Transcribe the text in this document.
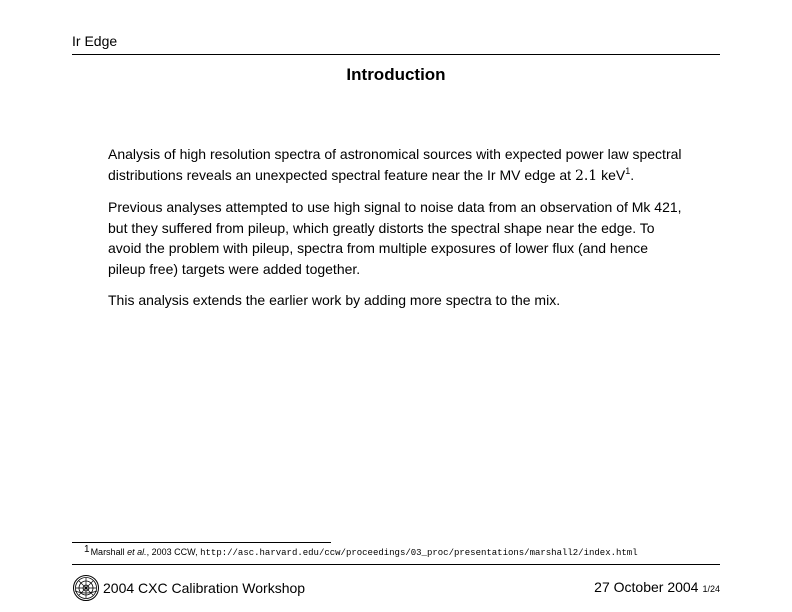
Ir Edge
Introduction

Analysis of high resolution spectra of astronomical sources with expected power law spectral distributions reveals an unexpected spectral feature near the Ir MV edge at 2.1 keV$^1$.

Previous analyses attempted to use high signal to noise data from an observation of Mk 421, but they suffered from pileup, which greatly distorts the spectral shape near the edge. To avoid the problem with pileup, spectra from multiple exposures of lower flux (and hence pileup free) targets were added together.

This analysis extends the earlier work by adding more spectra to the mix.

1Marshall et al., 2003 CCW, http://asc.harvard.edu/ccw/proceedings/03_proc/presentations/marshall2/index.html
2004 CXC Calibration Workshop	27 October 2004 1/24
